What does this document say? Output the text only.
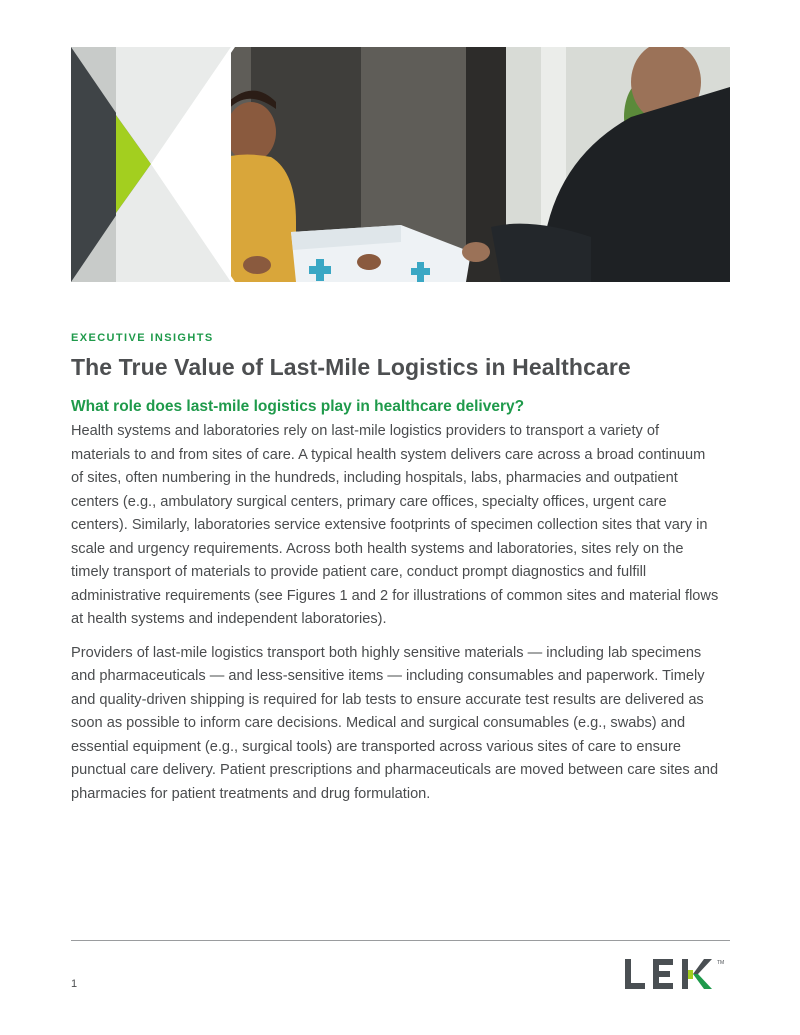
EXECUTIVE INSIGHTS
The True Value of Last-Mile Logistics in Healthcare
What role does last-mile logistics play in healthcare delivery?

Health systems and laboratories rely on last-mile logistics providers to transport a variety of materials to and from sites of care. A typical health system delivers care across a broad continuum of sites, often numbering in the hundreds, including hospitals, labs, pharmacies and outpatient centers (e.g., ambulatory surgical centers, primary care offices, specialty offices, urgent care centers). Similarly, laboratories service extensive footprints of specimen collection sites that vary in scale and urgency requirements. Across both health systems and laboratories, sites rely on the timely transport of materials to provide patient care, conduct prompt diagnostics and fulfill administrative requirements (see Figures 1 and 2 for illustrations of common sites and material flows at health systems and independent laboratories).

Providers of last-mile logistics transport both highly sensitive materials — including lab specimens and pharmaceuticals — and less-sensitive items — including consumables and paperwork. Timely and quality-driven shipping is required for lab tests to ensure accurate test results are delivered as soon as possible to inform care decisions. Medical and surgical consumables (e.g., swabs) and essential equipment (e.g., surgical tools) are transported across various sites of care to ensure punctual care delivery. Patient prescriptions and pharmaceuticals are moved between care sites and pharmacies for patient treatments and drug formulation.

1
TM
